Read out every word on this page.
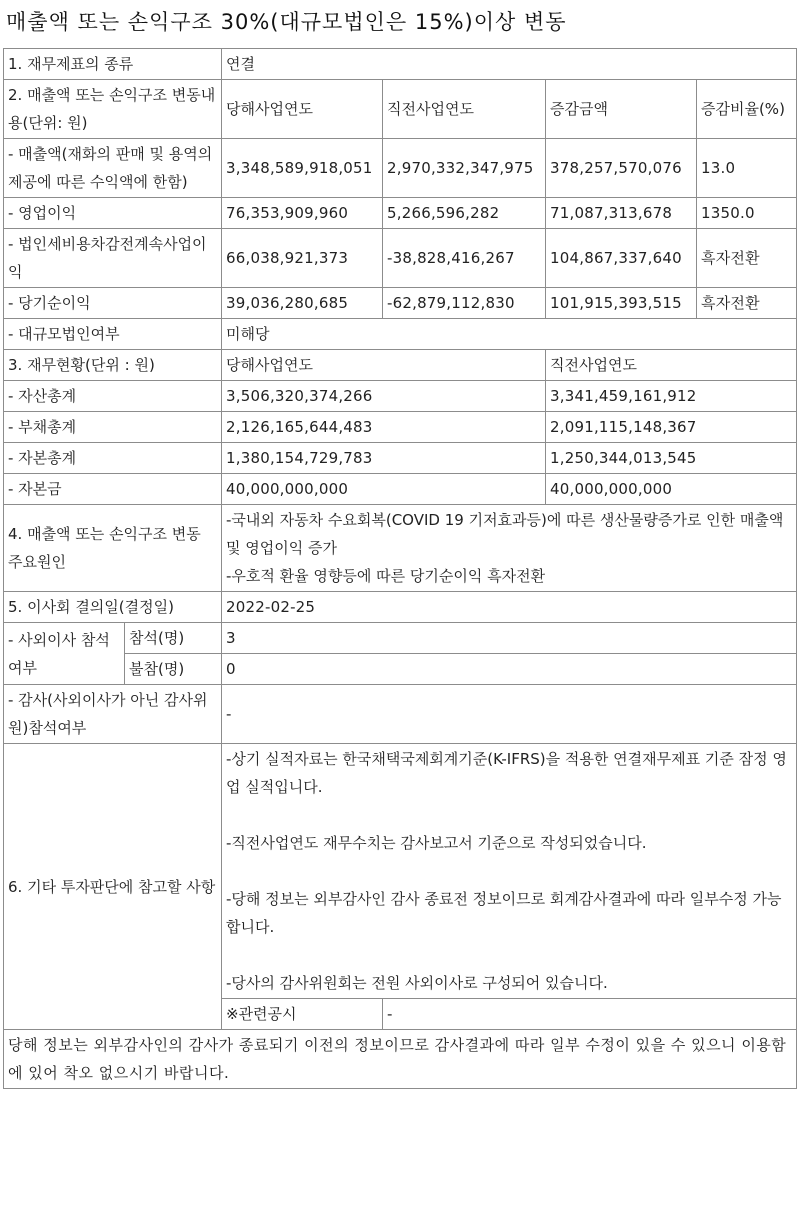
매출액 또는 손익구조 30%(대규모법인은 15%)이상 변동
1. 재무제표의 종류		연결			
2. 매출액 또는 손익구조 변동내용(단위: 원)		당해사업연도	직전사업연도	증감금액	증감비율(%)
- 매출액(재화의 판매 및 용역의 제공에 따른 수익액에 한함)		3,348,589,918,051	2,970,332,347,975	378,257,570,076	13.0
- 영업이익		76,353,909,960	5,266,596,282	71,087,313,678	1350.0
- 법인세비용차감전계속사업이익		66,038,921,373	-38,828,416,267	104,867,337,640	흑자전환
- 당기순이익		39,036,280,685	-62,879,112,830	101,915,393,515	흑자전환
- 대규모법인여부		미해당			
3. 재무현황(단위 : 원)		당해사업연도		직전사업연도	
- 자산총계		3,506,320,374,266		3,341,459,161,912	
- 부채총계		2,126,165,644,483		2,091,115,148,367	
- 자본총계		1,380,154,729,783		1,250,344,013,545	
- 자본금		40,000,000,000		40,000,000,000	
4. 매출액 또는 손익구조 변동 주요원인		-국내외 자동차 수요회복(COVID 19 기저효과등)에 따른 생산물량증가로 인한 매출액 및 영업이익 증가
-우호적 환율 영향등에 따른 당기순이익 흑자전환			

5. 이사회 결의일(결정일)		2022-02-25			
- 사외이사 참석여부	참석(명)	3			
	불참(명)	0			
- 감사(사외이사가 아닌 감사위원)참석여부		-			
6. 기타 투자판단에 참고할 사항		-상기 실적자료는 한국채택국제회계기준(K-IFRS)을 적용한 연결재무제표 기준 잠정 영업 실적입니다.
-직전사업연도 재무수치는 감사보고서 기준으로 작성되었습니다.
-당해 정보는 외부감사인 감사 종료전 정보이므로 회계감사결과에 따라 일부수정 가능합니다.
-당사의 감사위원회는 전원 사외이사로 구성되어 있습니다.			

		※관련공시	-		
당해 정보는 외부감사인의 감사가 종료되기 이전의 정보이므로 감사결과에 따라 일부 수정이 있을 수 있으니 이용함에 있어 착오 없으시기 바랍니다.					
